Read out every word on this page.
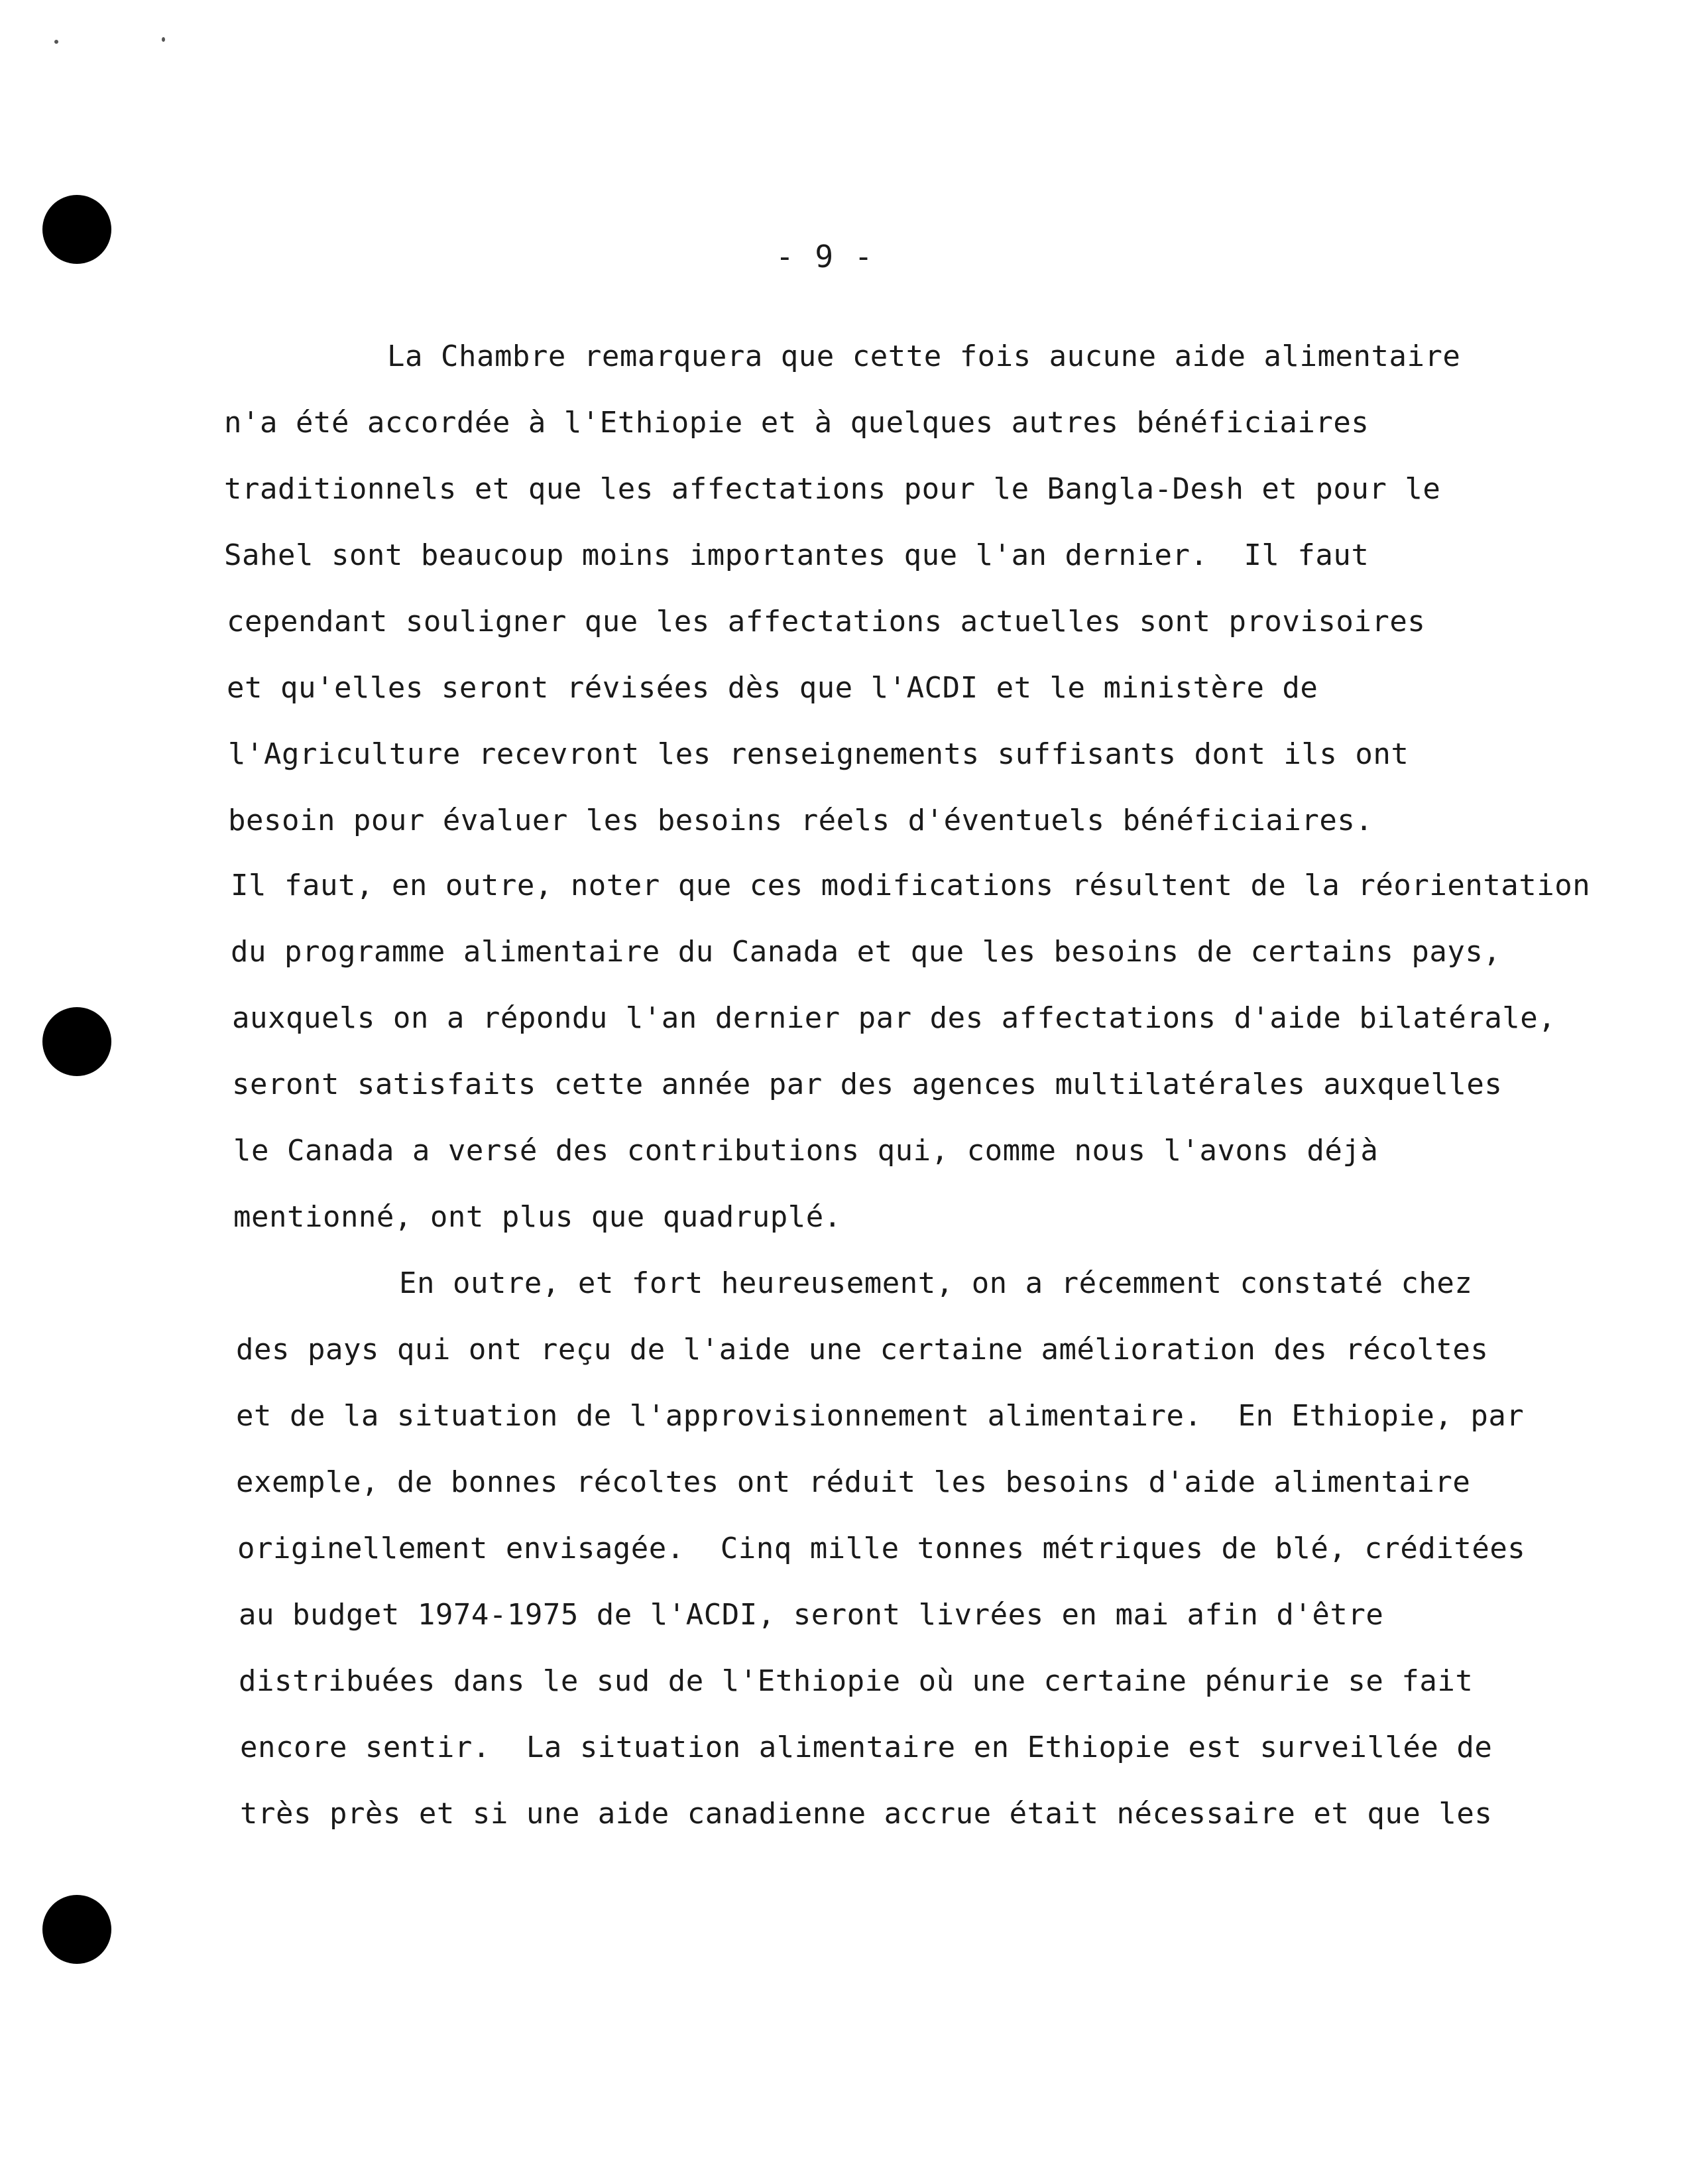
- 9 -
La Chambre remarquera que cette fois aucune aide alimentaire
n'a été accordée à l'Ethiopie et à quelques autres bénéficiaires
traditionnels et que les affectations pour le Bangla-Desh et pour le
Sahel sont beaucoup moins importantes que l'an dernier.  Il faut
cependant souligner que les affectations actuelles sont provisoires
et qu'elles seront révisées dès que l'ACDI et le ministère de
l'Agriculture recevront les renseignements suffisants dont ils ont
besoin pour évaluer les besoins réels d'éventuels bénéficiaires.
Il faut, en outre, noter que ces modifications résultent de la réorientation
du programme alimentaire du Canada et que les besoins de certains pays,
auxquels on a répondu l'an dernier par des affectations d'aide bilatérale,
seront satisfaits cette année par des agences multilatérales auxquelles
le Canada a versé des contributions qui, comme nous l'avons déjà
mentionné, ont plus que quadruplé.
En outre, et fort heureusement, on a récemment constaté chez
des pays qui ont reçu de l'aide une certaine amélioration des récoltes
et de la situation de l'approvisionnement alimentaire.  En Ethiopie, par
exemple, de bonnes récoltes ont réduit les besoins d'aide alimentaire
originellement envisagée.  Cinq mille tonnes métriques de blé, créditées
au budget 1974-1975 de l'ACDI, seront livrées en mai afin d'être
distribuées dans le sud de l'Ethiopie où une certaine pénurie se fait
encore sentir.  La situation alimentaire en Ethiopie est surveillée de
très près et si une aide canadienne accrue était nécessaire et que les
